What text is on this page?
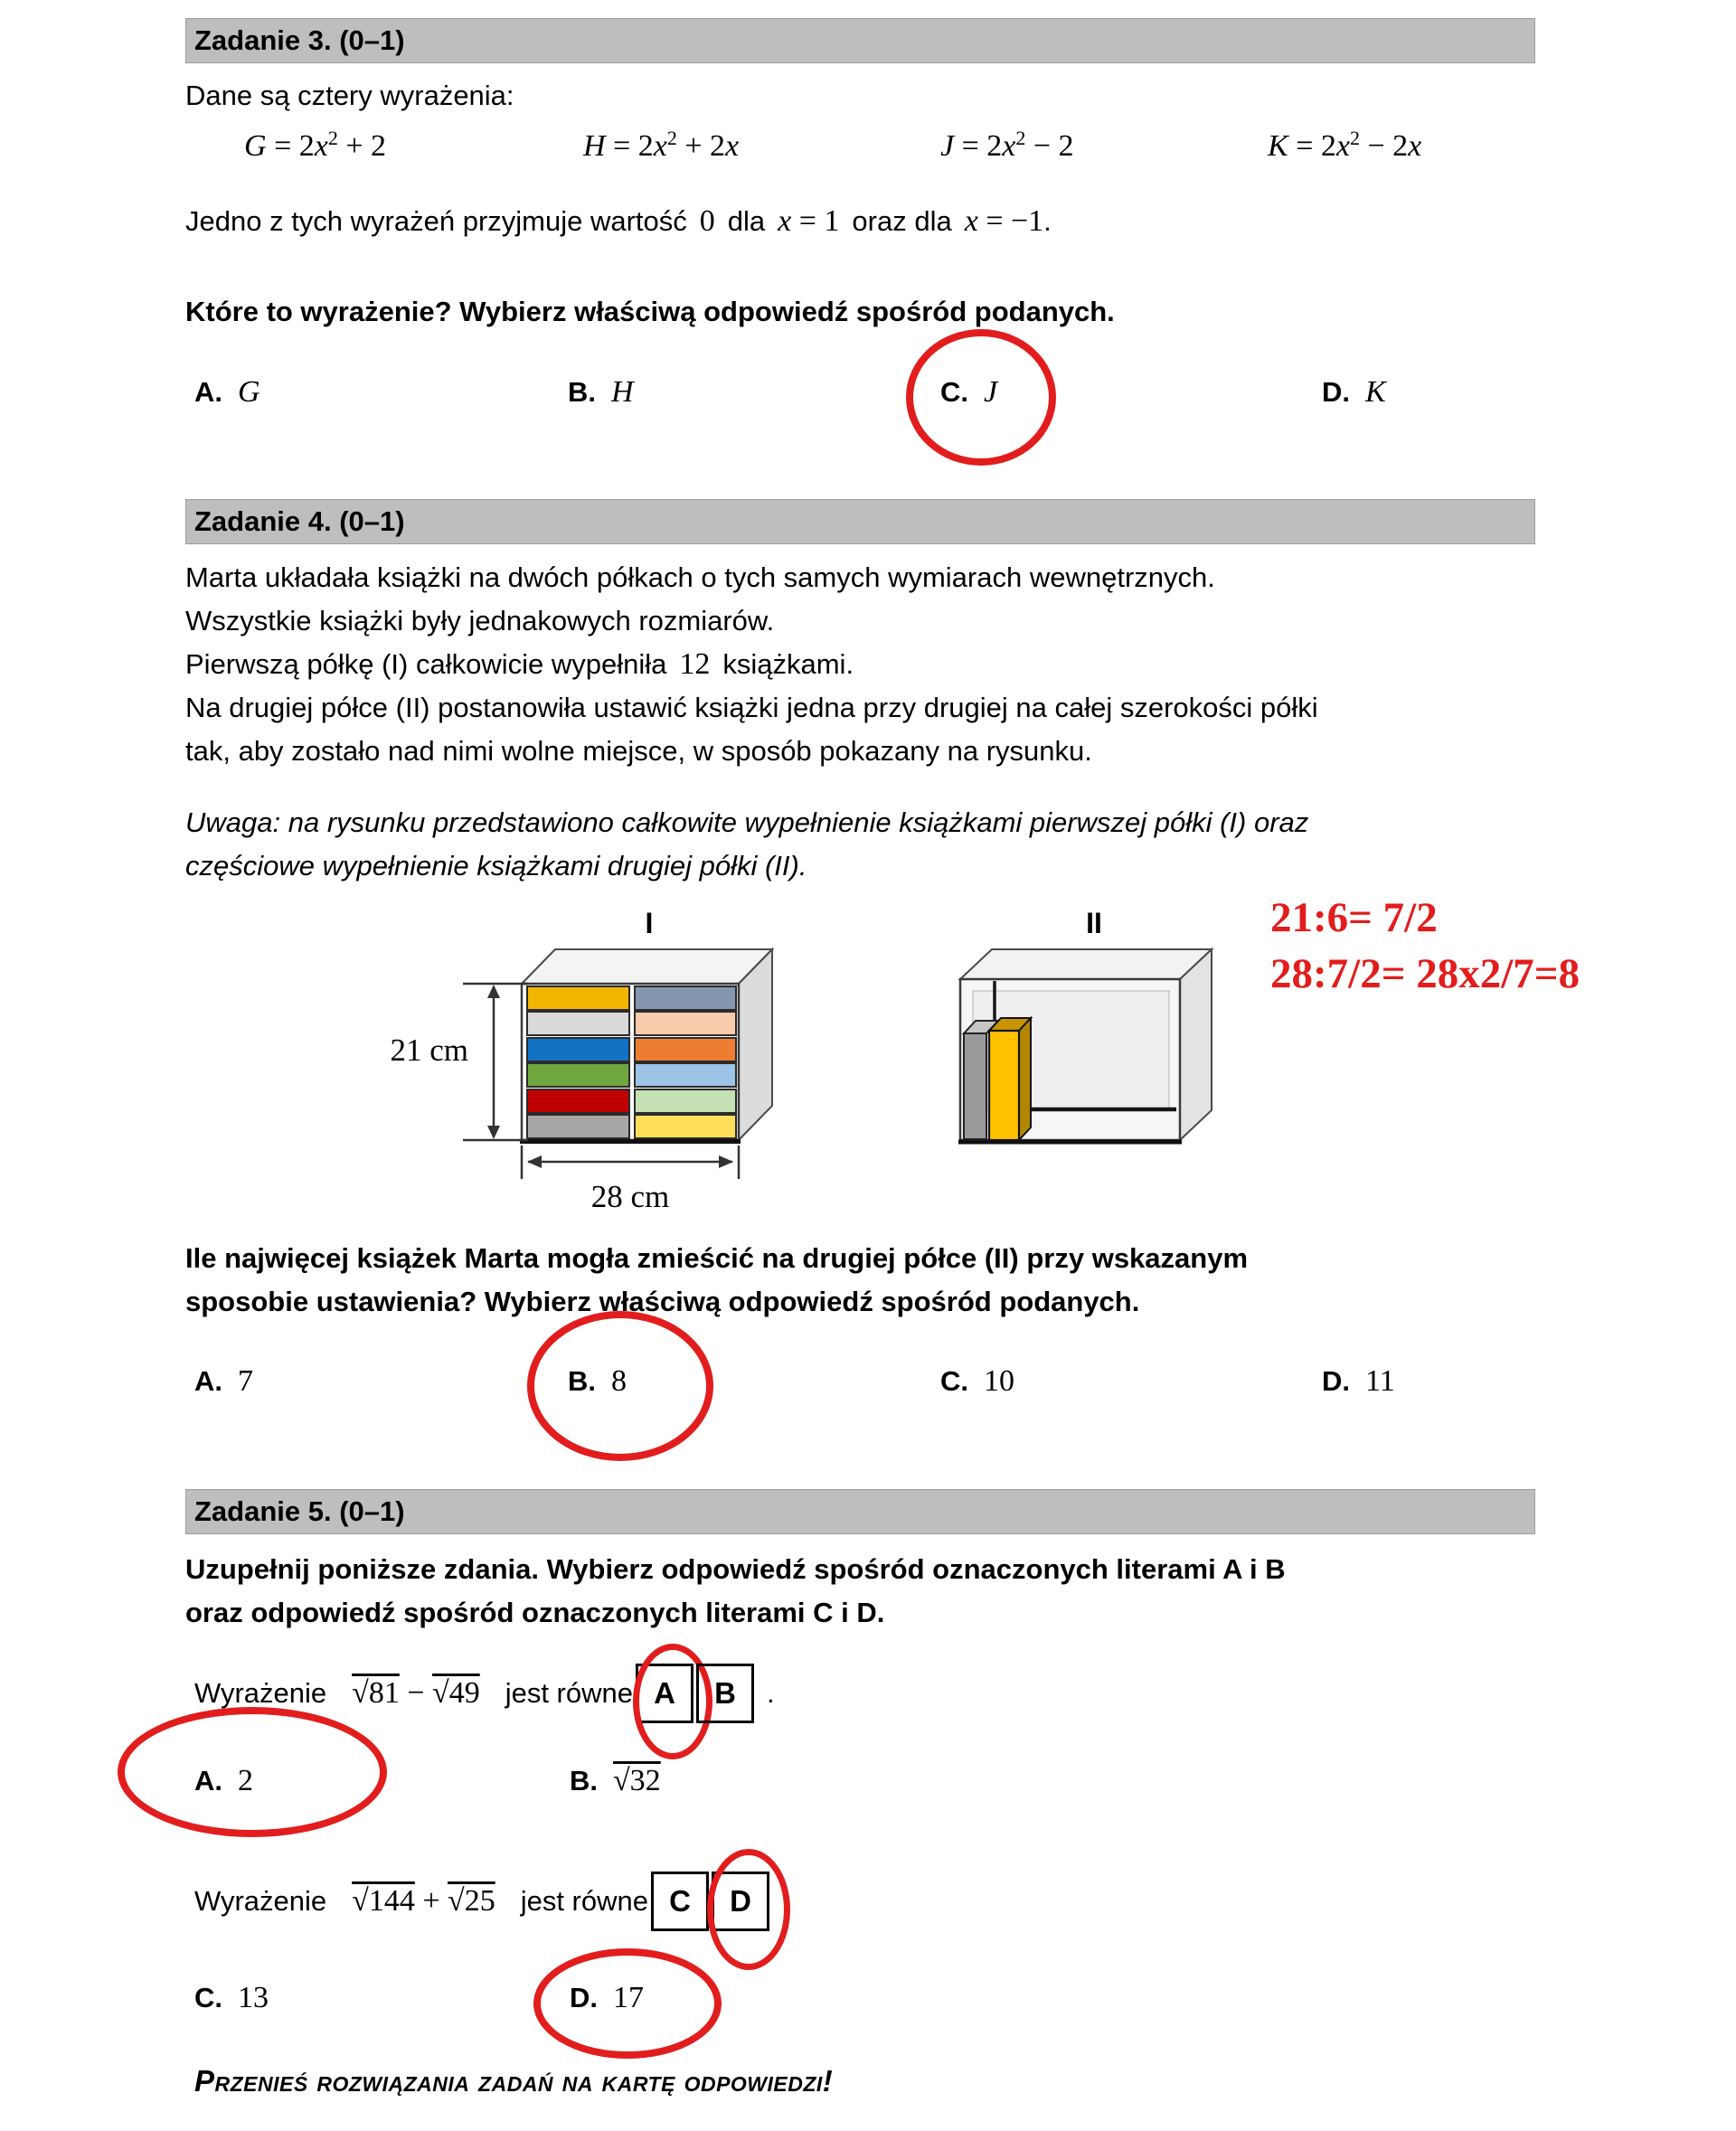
Zadanie 3. (0–1)
Dane są cztery wyrażenia:
$G = 2x^2 + 2$	$H = 2x^2 + 2x$	$J = 2x^2 - 2$	$K = 2x^2 - 2x$
Jedno z tych wyrażeń przyjmuje wartość 0 dla x = 1 oraz dla x = −1.
Które to wyrażenie? Wybierz właściwą odpowiedź spośród podanych.
A. G	B. H	C. J	D. K
Zadanie 4. (0–1)
Marta układała książki na dwóch półkach o tych samych wymiarach wewnętrznych.
Wszystkie książki były jednakowych rozmiarów.
Pierwszą półkę (I) całkowicie wypełniła 12 książkami.
Na drugiej półce (II) postanowiła ustawić książki jedna przy drugiej na całej szerokości półki
tak, aby zostało nad nimi wolne miejsce, w sposób pokazany na rysunku.
Uwaga: na rysunku przedstawiono całkowite wypełnienie książkami pierwszej półki (I) oraz
częściowe wypełnienie książkami drugiej półki (II).
21 cm
28 cm
I	II	21:6= 7/2
28:7/2= 28x2/7=8
Ile najwięcej książek Marta mogła zmieścić na drugiej półce (II) przy wskazanym
sposobie ustawienia? Wybierz właściwą odpowiedź spośród podanych.
A. 7	B. 8	C. 10	D. 11
Zadanie 5. (0–1)
Uzupełnij poniższe zdania. Wybierz odpowiedź spośród oznaczonych literami A i B
oraz odpowiedź spośród oznaczonych literami C i D.
Wyrażenie √81 − √49 jest równe A B .
A. 2	B. √32
Wyrażenie √144 + √25 jest równe C D .
C. 13	D. 17
Przenieś rozwiązania zadań na kartę odpowiedzi!
